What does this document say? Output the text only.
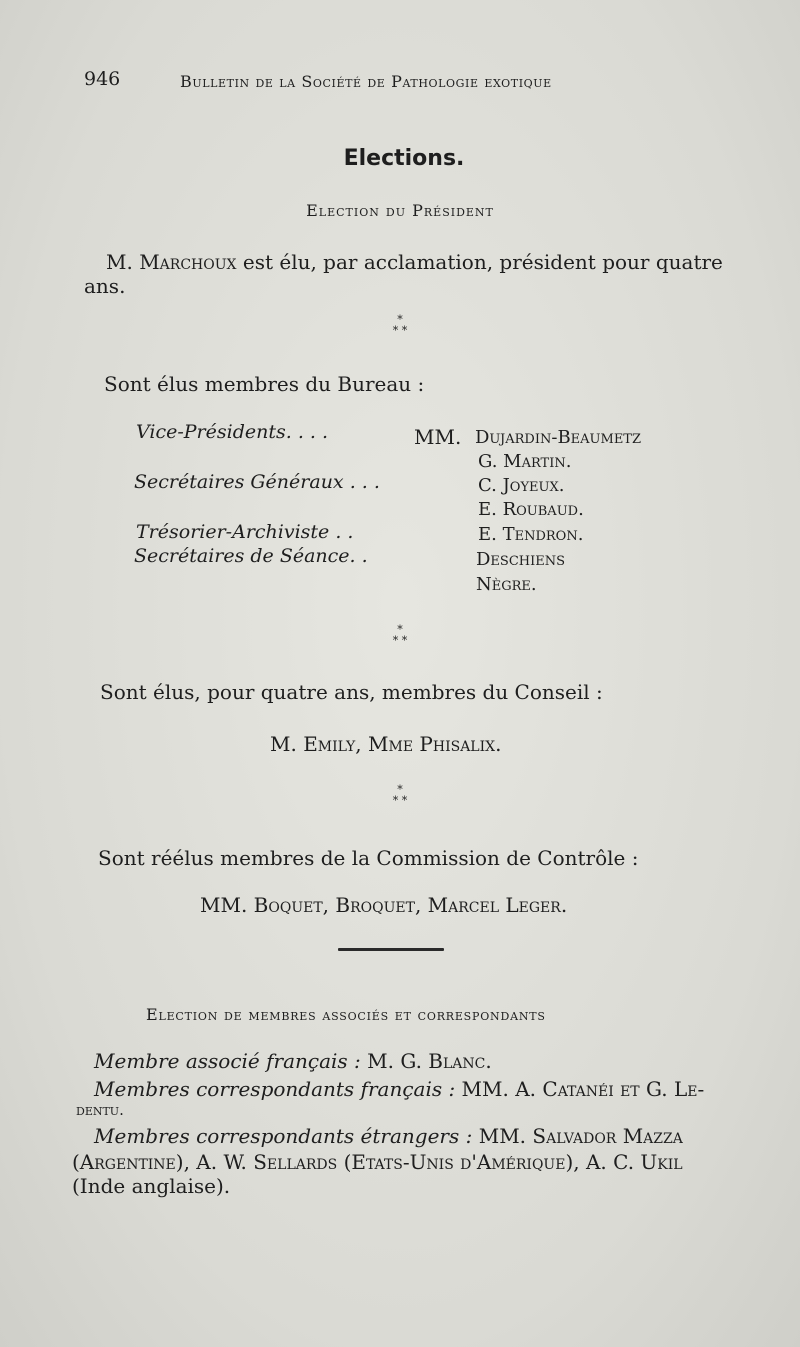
946	Bulletin de la Société de Pathologie exotique
Elections.
Election du Président
M. Marchoux est élu, par acclamation, président pour quatre
ans.
*
* *
Sont élus membres du Bureau :
MM.
Vice-Présidents. . . .	Dujardin-Beaumetz
G. Martin.
Secrétaires Généraux . . .	C. Joyeux.
E. Roubaud.
Trésorier-Archiviste . .	E. Tendron.
Secrétaires de Séance. .	Deschiens
Nègre.
*
* *
Sont élus, pour quatre ans, membres du Conseil :
M. Emily, Mme Phisalix.
*
* *
Sont réélus membres de la Commission de Contrôle :
MM. Boquet, Broquet, Marcel Leger.
Election de membres associés et correspondants
Membre associé français : M. G. Blanc.
Membres correspondants français : MM. A. Catanéi et G. Le-
dentu.
Membres correspondants étrangers : MM. Salvador Mazza
(Argentine), A. W. Sellards (Etats-Unis d'Amérique), A. C. Ukil
(Inde anglaise).
